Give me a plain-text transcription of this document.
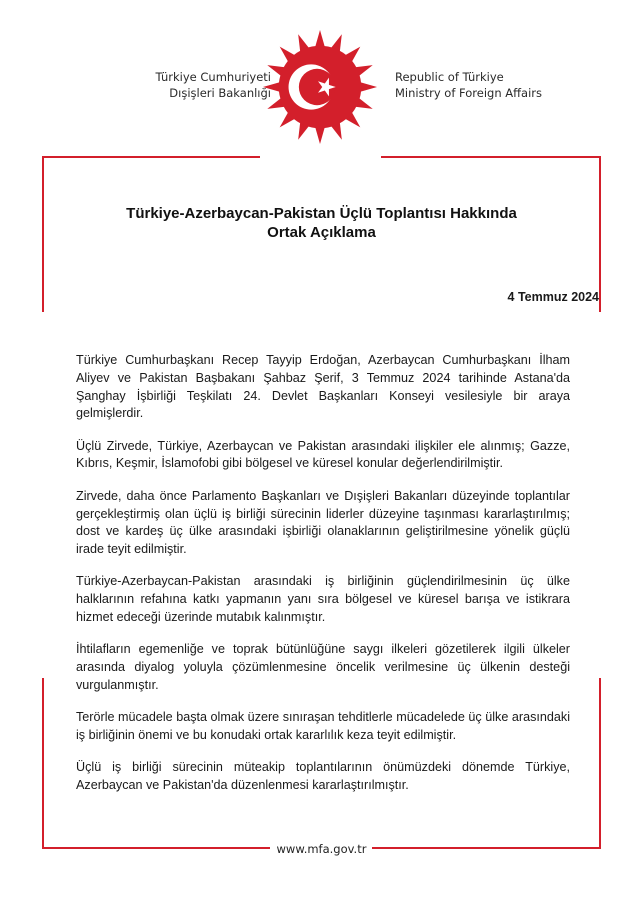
Türkiye Cumhuriyeti
Dışişleri Bakanlığı
Republic of Türkiye
Ministry of Foreign Affairs
Türkiye-Azerbaycan-Pakistan Üçlü Toplantısı Hakkında
Ortak Açıklama
4 Temmuz 2024

Türkiye Cumhurbaşkanı Recep Tayyip Erdoğan, Azerbaycan Cumhurbaşkanı İlham Aliyev ve Pakistan Başbakanı Şahbaz Şerif, 3 Temmuz 2024 tarihinde Astana'da Şanghay İşbirliği Teşkilatı 24. Devlet Başkanları Konseyi vesilesiyle bir araya gelmişlerdir.

Üçlü Zirvede, Türkiye, Azerbaycan ve Pakistan arasındaki ilişkiler ele alınmış; Gazze, Kıbrıs, Keşmir, İslamofobi gibi bölgesel ve küresel konular değerlendirilmiştir.

Zirvede, daha önce Parlamento Başkanları ve Dışişleri Bakanları düzeyinde toplantılar gerçekleştirmiş olan üçlü iş birliği sürecinin liderler düzeyine taşınması kararlaştırılmış; dost ve kardeş üç ülke arasındaki işbirliği olanaklarının geliştirilmesine yönelik güçlü irade teyit edilmiştir.

Türkiye-Azerbaycan-Pakistan arasındaki iş birliğinin güçlendirilmesinin üç ülke halklarının refahına katkı yapmanın yanı sıra bölgesel ve küresel barışa ve istikrara hizmet edeceği üzerinde mutabık kalınmıştır.

İhtilafların egemenliğe ve toprak bütünlüğüne saygı ilkeleri gözetilerek ilgili ülkeler arasında diyalog yoluyla çözümlenmesine öncelik verilmesine üç ülkenin desteği vurgulanmıştır.

Terörle mücadele başta olmak üzere sınıraşan tehditlerle mücadelede üç ülke arasındaki iş birliğinin önemi ve bu konudaki ortak kararlılık keza teyit edilmiştir.

Üçlü iş birliği sürecinin müteakip toplantılarının önümüzdeki dönemde Türkiye, Azerbaycan ve Pakistan'da düzenlenmesi kararlaştırılmıştır.

www.mfa.gov.tr
